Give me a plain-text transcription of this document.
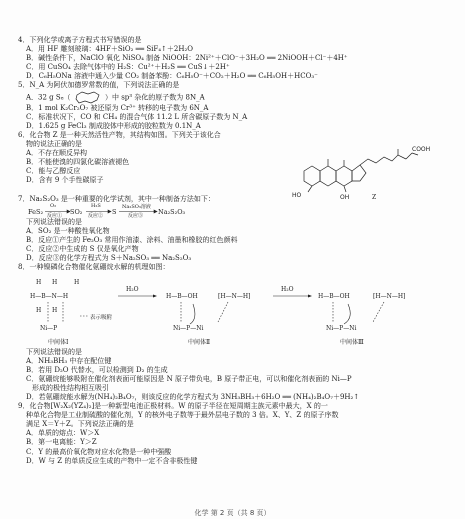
4．下列化学或离子方程式书写错误的是
A．用 HF 雕刻玻璃：4HF＋SiO₂ ══ SiF₄↑＋2H₂O
B．碱性条件下，NaClO 氧化 NiSO₄ 制备 NiOOH：2Ni²⁺＋ClO⁻＋3H₂O ══ 2NiOOH＋Cl⁻＋4H⁺
C．用 CuSO₄ 去除气体中的 H₂S：Cu²⁺＋H₂S ══ CuS↓＋2H⁺
D．C₆H₅ONa 溶液中通入少量 CO₂ 制备苯酚：C₆H₅O⁻＋CO₂＋H₂O ══ C₆H₅OH＋HCO₃⁻
5．N_A 为阿伏加德罗常数的值，下列说法正确的是
A．32 g S₈（	）中 sp³ 杂化的原子数为 8N_A
B．1 mol K₂Cr₂O₇ 被还原为 Cr³⁺ 转移的电子数为 6N_A
C．标准状况下，CO 和 CH₄ 的混合气体 11.2 L 所含碳原子数为 N_A
D．1.625 g FeCl₃ 制成胶体中形成的胶粒数为 0.1N_A
6．化合物 Z 是一种天然活性产物，其结构如图。下列关于该化合
物的说法正确的是
A．不存在顺反异构
B．不能使溴的四氯化碳溶液褪色
C．能与乙醇反应
D．含有 9 个手性碳原子
COOH
HO	OH	Z
7．Na₂S₂O₃ 是一种重要的化学试剂，其中一种制备方法如下：
FeS₂
O₂
反应① SO₂
H₂S
反应② S
Na₂SO₃溶液
反应③ Na₂S₂O₃
下列说法错误的是
A．SO₂ 是一种酸性氧化物
B．反应①产生的 Fe₂O₃ 常用作油漆、涂料、油墨和橡胶的红色颜料
C．反应②中生成的 S 仅是氧化产物
D．反应③的化学方程式为 S＋Na₂SO₃ ══ Na₂S₂O₃
8．一种镍磷化合物催化氨硼烷水解的机理如图：
H H	H
H—B—N—H
H H
Ni—P
H—B—OH	[H—N—H]
Ni—P—Ni
H—B—OH	[H—N—H]
Ni—P—Ni
H₂O	H₂O
表示吸附
中间体Ⅰ	中间体Ⅱ	中间体Ⅲ
下列说法错误的是
A．NH₃BH₃ 中存在配位键
B．若用 D₂O 代替水，可以检测到 D₂ 的生成
C．氨硼烷能够吸附在催化剂表面可能原因是 N 原子带负电，B 原子带正电，可以和催化剂表面的 Ni—P
形成的极性结构相互吸引
D．若氨硼烷能水解为(NH₄)₂B₄O₇，则该反应的化学方程式为 3NH₃BH₃＋6H₂O ══ (NH₄)₂B₄O₇＋9H₂↑
9．化合物[W₂X₂(YZ₄)₂]是一种新型电池正极材料。W 的原子半径在短周期主族元素中最大，X 的一
种单化合物是工业制硫酸的催化剂，Y 的核外电子数等于最外层电子数的 3 倍。X、Y、Z 的原子序数
满足 X＝Y＋Z。下列说法正确的是
A．单质的熔点：W＞X
B．第一电离能：Y＞Z
C．Y 的最高价氧化物对应水化物是一种中强酸
D．W 与 Z 的单质反应生成的产物中一定不含非极性键
化学 第 2 页（共 8 页）
